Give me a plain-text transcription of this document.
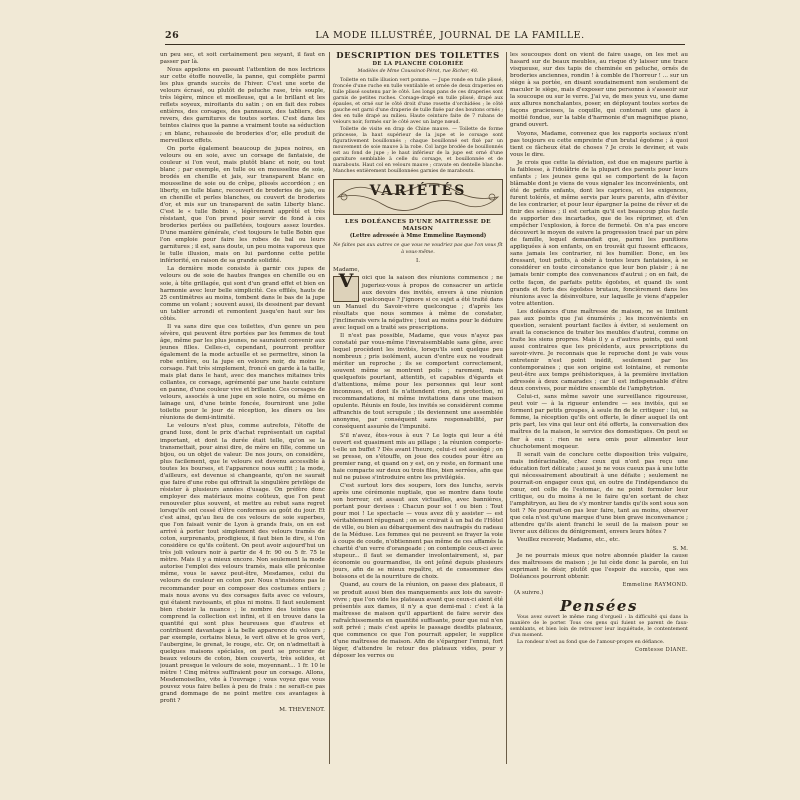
26	LA MODE ILLUSTRÉE, JOURNAL DE LA FAMILLE.

un peu sec, et soit certainement peu seyant, il faut en passer par là.

Nous appelons en passant l'attention de nos lectrices sur cette étoffe nouvelle, la panne, qui complète parmi les plus grands succès de l'hiver. C'est une sorte de velours écrasé, ou plutôt de peluche rase, très souple, très légère, mince et moelleuse, qui a le brillant et les reflets soyeux, miroitants du satin ; on en fait des robes entières, des corsages, des panneaux, des tabliers, des revers, des garnitures de toutes sortes. C'est dans les teintes claires que la panne a vraiment toute sa séduction ; en blanc, rehaussée de broderies d'or, elle produit de merveilleux effets.

On porte également beaucoup de jupes noires, en velours ou en soie, avec un corsage de fantaisie, de couleur si l'on veut, mais plutôt blanc et noir, ou tout blanc ; par exemple, en tulle ou en mousseline de soie, brodés en chenille et jais, sur transparent blanc en mousseline de soie ou de crêpe, plissés accordéon ; en liberty, en tulle blanc, recouvert de broderies de jais, ou en chenille et perles blanches, ou couvert de broderies d'or, et mis sur un transparent de satin Liberty blanc. C'est le « tulle Bobin », légèrement apprêté et très résistant, que l'on prend pour servir de fond à ces broderies perlées ou pailletées, toujours assez lourdes. D'une manière générale, c'est toujours le tulle Bobin que l'on emploie pour faire les robes de bal ou leurs garnitures ; il est, sans doute, un peu moins vaporeux que le tulle illusion, mais on lui pardonne cette petite infériorité, en raison de sa grande solidité.

La dernière mode consiste à garnir ces jupes de velours ou de soie de hautes franges en chenille ou en soie, à tête grillagée, qui sont d'un grand effet et bien en harmonie avec leur belle simplicité. Ces effilés, hauts de 25 centimètres au moins, tombent dans le bas de la jupe comme un volant ; souvent aussi, ils dessinent par devant un tablier arrondi et remontent jusqu'en haut sur les côtés.

Il va sans dire que ces toilettes, d'un genre un peu sévère, qui peuvent être portées par les femmes de tout âge, même par les plus jeunes, ne sauraient convenir aux jeunes filles. Celles-ci, cependant, pourront profiter également de la mode actuelle et se permettre, sinon la robe entière, ou la jupe en velours noir, du moins le corsage. Fait très simplement, froncé en garde à la taille, mais plat dans le haut, avec des manches mitaines très collantes, ce corsage, agrémenté par une haute ceinture en panne, d'une couleur vive et brillante. Ces corsages de velours, associés à une jupe en soie noire, ou même en lainage uni, d'une teinte foncée, fourniront une jolie toilette pour le jour de réception, les dîners ou les réunions de demi-intimité.

Le velours n'est plus, comme autrefois, l'étoffe de grand luxe, dont le prix d'achat représentait un capital important, et dont la durée était telle, qu'on se la transmettait, pour ainsi dire, de mère en fille, comme un bijou, ou un objet de valeur. De nos jours, on considère, plus facilement, que le velours est devenu accessible à toutes les bourses, et l'apparence nous suffit ; la mode, d'ailleurs, est devenue si changeante, qu'on ne saurait que faire d'une robe qui offrirait la singulière privilège de résister à plusieurs années d'usage. On préfère donc employer des matériaux moins coûteux, que l'on peut renouveler plus souvent, et mettre au rebut sans regret lorsqu'ils ont cessé d'être conformes au goût du jour. Et c'est ainsi, qu'au lieu de ces velours de soie superbes, que l'on faisait venir de Lyon à grands frais, on en est arrivé à porter tout simplement des velours tramés de coton, surprenants, prodigieux, il faut bien le dire, si l'on considère ce qu'ils coûtent. On peut avoir aujourd'hui un très joli velours noir à partir de 4 fr. 90 ou 5 fr. 75 le mètre. Mais il y a mieux encore. Non seulement la mode autorise l'emploi des velours tramés, mais elle préconise même, vous le savez peut-être, Mesdames, celui du velours de couleur en coton pur. Nous n'insistons pas le recommander pour en composer des costumes entiers ; mais nous avons vu des corsages faits avec ce velours, qui étaient ravissants, et plus ni moins. Il faut seulement bien choisir la nuance ; le nombre des teintes que comprend la collection est infini, et il en trouve dans la quantité qui sont plus heureuses que d'autres et contribuent davantage à la belle apparence du velours ; par exemple, certains bleus, le vert olive et le gros vert, l'aubergine, le grenat, le rouge, etc. Or, on n'admettait à quelques maisons spéciales, on peut se procurer de beaux velours de coton, bien couverts, très solides, et jouant presque le velours de soie, moyennant... 1 fr. 10 le mètre ! Cinq mètres suffiraient pour un corsage. Allons, Mesdemoiselles, vite à l'ouvrage ; vous voyez que vous pouvez vous faire belles à peu de frais : ne serait-ce pas grand dommage de ne point mettre ces avantages à profit ?

M. THEVENOT.
DESCRIPTION DES TOILETTES
DE LA PLANCHE COLORIÉE
Modèles de Mme Coussinot-Pérot, rue Richer, 48.

Toilette en tulle illusion vert pomme. — Jupe ronde en tulle plissé, froncée d'une ruche en tulle ventilable et ornée de deux draperies en tulle plissé soutenu par le côté. Les longs pans de ces draperies sont garnis de petites ruches. Corsage-drapé en tulle plissé, drapé aux épaules, et orné sur le côté droit d'une rosette d'orchidées ; le côté gauche est garni d'une draperie de tulle fixée par des boutons ornés ; des en tulle drapé au milieu. Haute ceinture faite de 7 rubans de velours noir, formés sur le côté avec un large nœud.

Toilette de visite en drap de Chine mauve. — Toilette de forme princesse, la haut supérieur de la jupe et le corsage sont figurativement bouillonnés ; chaque bouillonné est fixé par un mouvement de soie mauve à la robe. Col large brodée de bouillonnés est au fond de jupe ; le haut inférieur de la jupe est orné d'une garniture semblable à celle du corsage, et bouillonnée et de marabouts. Haut col en velours mauve ; cravate en dentelle blanche. Manches entièrement bouillonnées garnies de marabouts.

VARIÉTÉS
LES DOLÉANCES D'UNE MAITRESSE DE MAISON
(Lettre adressée à Mme Emmeline Raymond)
Ne faites pas aux autres ce que vous ne voudriez pas que l'on vous fît à vous-même.
I.

Madame,

V	oici que la saison des réunions commence ; ne jugeriez-vous à propos de consacrer un article aux devoirs des invités, envers à une réunion quelconque ? J'ignore si ce sujet a été traité dans un Manuel du Savoir-vivre quelconque ; d'après les résultats que nous sommes à même de constater, j'inclinerais vers la négative ; tout au moins pour le déduire avec lequel on a traité ses prescriptions.

Il n'est pas possible, Madame, que vous n'ayez pas constaté par vous-même l'invraisemblable sans gêne, avec lequel procèdent les invités, lorsqu'ils sont quelque peu nombreux ; pris isolément, aucun d'entre eux ne voudrait mériter un reproche ; ils se comportent correctement, souvent même se montrent polis ; rarement, mais quelquefois pourtant, attentifs, et capables d'égards et d'attentions, même pour les personnes qui leur sont inconnues, et dont ils n'attendent rien, ni protection, ni recommandations, ni même invitations dans une maison opulente. Réunis en foule, les invités se considèrent comme affranchis de tout scrupule ; ils deviennent une assemblée anonyme, par conséquent sans responsabilité, par conséquent assurée de l'impunité.

S'il n'avez, êtes-vous à eux ? Le logis qui leur a été ouvert est quasiment mis au pillage ; la réunion comporte-t-elle un buffet ? Dès avant l'heure, celui-ci est assiégé ; on se presse, on s'étouffe, on joue des coudes pour être au premier rang, et quand on y est, on y reste, en formant une haie compacte sur deux ou trois files, bien serrées, afin que nul ne puisse s'introduire entre les privilégiés.

C'est surtout lors des soupers, lors des lunchs, servis après une cérémonie nuptiale, que se montre dans toute son horreur, cet assaut aux victuailles, avec bannières, portant pour devises : Chacun pour soi ! ou bien : Tout pour moi ! Le spectacle — vous avez dû y assister — est véritablement répugnant ; on se croirait à un bal de l'Hôtel de ville, ou bien au débarquement des naufragés du radeau de la Méduse. Les femmes qui ne peuvent se frayer la voie à coups de coude, n'obtiennent pas même de ces affamés la charité d'un verre d'orangeade ; on contemple ceux-ci avec stupeur... il faut se demander involontairement, si, par économie ou gourmandise, ils ont jeûné depuis plusieurs jours, afin de se mieux repaître, et de consommer des boissons et de la nourriture de choix.

Quand, au cours de la réunion, on passe des plateaux, il se produit aussi bien des manquements aux lois du savoir-vivre ; que l'on vide les plateaux avant que ceux-ci aient été présentés aux dames, il n'y a que demi-mal : c'est à la maîtresse de maison qu'il appartient de faire servir des rafraîchissements en quantité suffisante, pour que nul n'en soit privé ; mais c'est après le passage desdits plateaux, que commence ce que l'on pourrait appeler, le supplice d'une maîtresse de maison. Afin de s'épargner l'ennui, fort léger, d'attendre le retour des plateaux vides, pour y déposer les verres ou

les soucoupes dont on vient de faire usage, on les met au hasard sur de beaux meubles, au risque d'y laisser une trace visqueuse, sur des tapis de cheminée en peluche, ornés de broderies anciennes, rondin ! à comble de l'horreur ! ... sur un siège à sa portée, en disant soudainement non seulement de maculer le siège, mais d'exposer une personne à s'asseoir sur la soucoupe ou sur le verre. J'ai vu, de mes yeux vu, une dame aux allures nonchalantes, poser, en déployant toutes sortes de façons gracieuses, la coquille, qui contenait une glace à moitié fondue, sur la table d'harmonie d'un magnifique piano, grand ouvert.

Voyons, Madame, convenez que les rapports sociaux n'ont pas toujours eu cette empreinte d'un brutal égoïsme ; à quoi tient ce fâcheux état de choses ? Je crois le deviner, et vais vous le dire.

Je crois que cette la déviation, est due en majeure partie à la faiblesse, à l'idolâtrie de la plupart des parents pour leurs enfants ; les jeunes gens qui se comportent de la façon blâmable dont je viens de vous signaler les inconvénients, ont été de petits enfants, dont les caprices, et les exigences, furent tolérés, et même servis par leurs parents, afin d'éviter de les contrarier, et pour leur épargner la peine de rêver et de finir des scènes ; il est certain qu'il est beaucoup plus facile de supporter des incartades, que de les réprimer, et d'en empêcher l'explosion, à force de fermeté. On n'a pas encore découvert le moyen de suivre la progression tracé par un père de famille, lequel demandait que, parmi les punitions appliquées à son enfants, on en trouvât qui fussent efficaces, sans jamais les contrarier, ni les humilier. Donc, en les dressant, tout petits, à obéir à toutes leurs fantaisies, à se considérer en toute circonstance que leur bon plaisir ; à ne jamais tenir compte des convenances d'autrui ; on en fait, de cette façon, de parfaits petits égoïstes, et quand ils sont grands et forts des égoïstes brutaux, foncièrement dans les réunions avec la désinvolture, sur laquelle je viens d'appeler votre attention.

Les doléances d'une maîtresse de maison, ne se limitent pas aux points que j'ai énumérés ; les inconvénients en question, seraient pourtant faciles à éviter, si seulement on avait la conscience de traiter les meubles d'autrui, comme on traite les siens propres. Mais il y a d'autres points, qui sont aussi contraires que les précédents, aux prescriptions du savoir-vivre. Je reconnais que le reproche dont je vais vous entretenir n'est point inédit, seulement par les contemporaines ; que son origine est lointaine, et remonte peut-être aux temps préhistoriques, à la première invitation adressée à deux camarades ; car il est indispensable d'être deux convives, pour médire ensemble de l'amphytrion.

Celui-ci, sans même savoir une surveillance rigoureuse, peut voir — à la rigueur entendre — ses invités, qui se forment par petits groupes, à seule fin de le critiquer : lui, sa femme, la réception qu'ils ont offerte, le dîner auquel ils ont pris part, les vins qui leur ont été offerts, la conversation des maîtres de la maison, le service des domestiques. On peut se fier à eux : rien ne sera omis pour alimenter leur chuchotement moqueur.

Il serait vain de conclure cette disposition très vulgaire, mais indéracinable, chez ceux qui n'ont pas reçu une éducation fort délicate ; aussi je ne vous cueux pas à une lutte qui nécessairement aboutirait à une défaite ; seulement ne pourrait-on engager ceux qui, en outre de l'indépendance du cœur, ont celle de l'estomac, de ne point formuler leur critique, ou du moins à ne le faire qu'en sortant de chez l'amphitryon, au lieu de s'y montrer tandis qu'ils sont sous son toit ? Ne pourrait-on pas leur faire, tant au moins, observer que cela n'est qu'une marque d'une bien grave inconvenance ; attendre qu'ils aient franchi le seuil de la maison pour se livrer aux délices du dénigrement, envers leurs hôtes ?

Veuillez recevoir, Madame, etc., etc.

S. M.

Je ne pourrais mieux que notre abonnée plaider la cause des maîtresses de maison ; je lui cède donc la parole, en lui exprimant le désir, plutôt que l'espoir du succès, que ses Doléances pourront obtenir.

Emmeline RAYMOND.

(A suivre.)

Pensées

Vous avez ouvert le même rang d'orgueil : la difficulté qui dans la manière de le porter. Tous ces gens qui fuient se parent de faux-semblants, et bien loin de retrouver leur inquiétude, le contentement d'un moment.

La rondeur n'est au fond que de l'amour-propre en défiance.

Comtesse DIANE.
